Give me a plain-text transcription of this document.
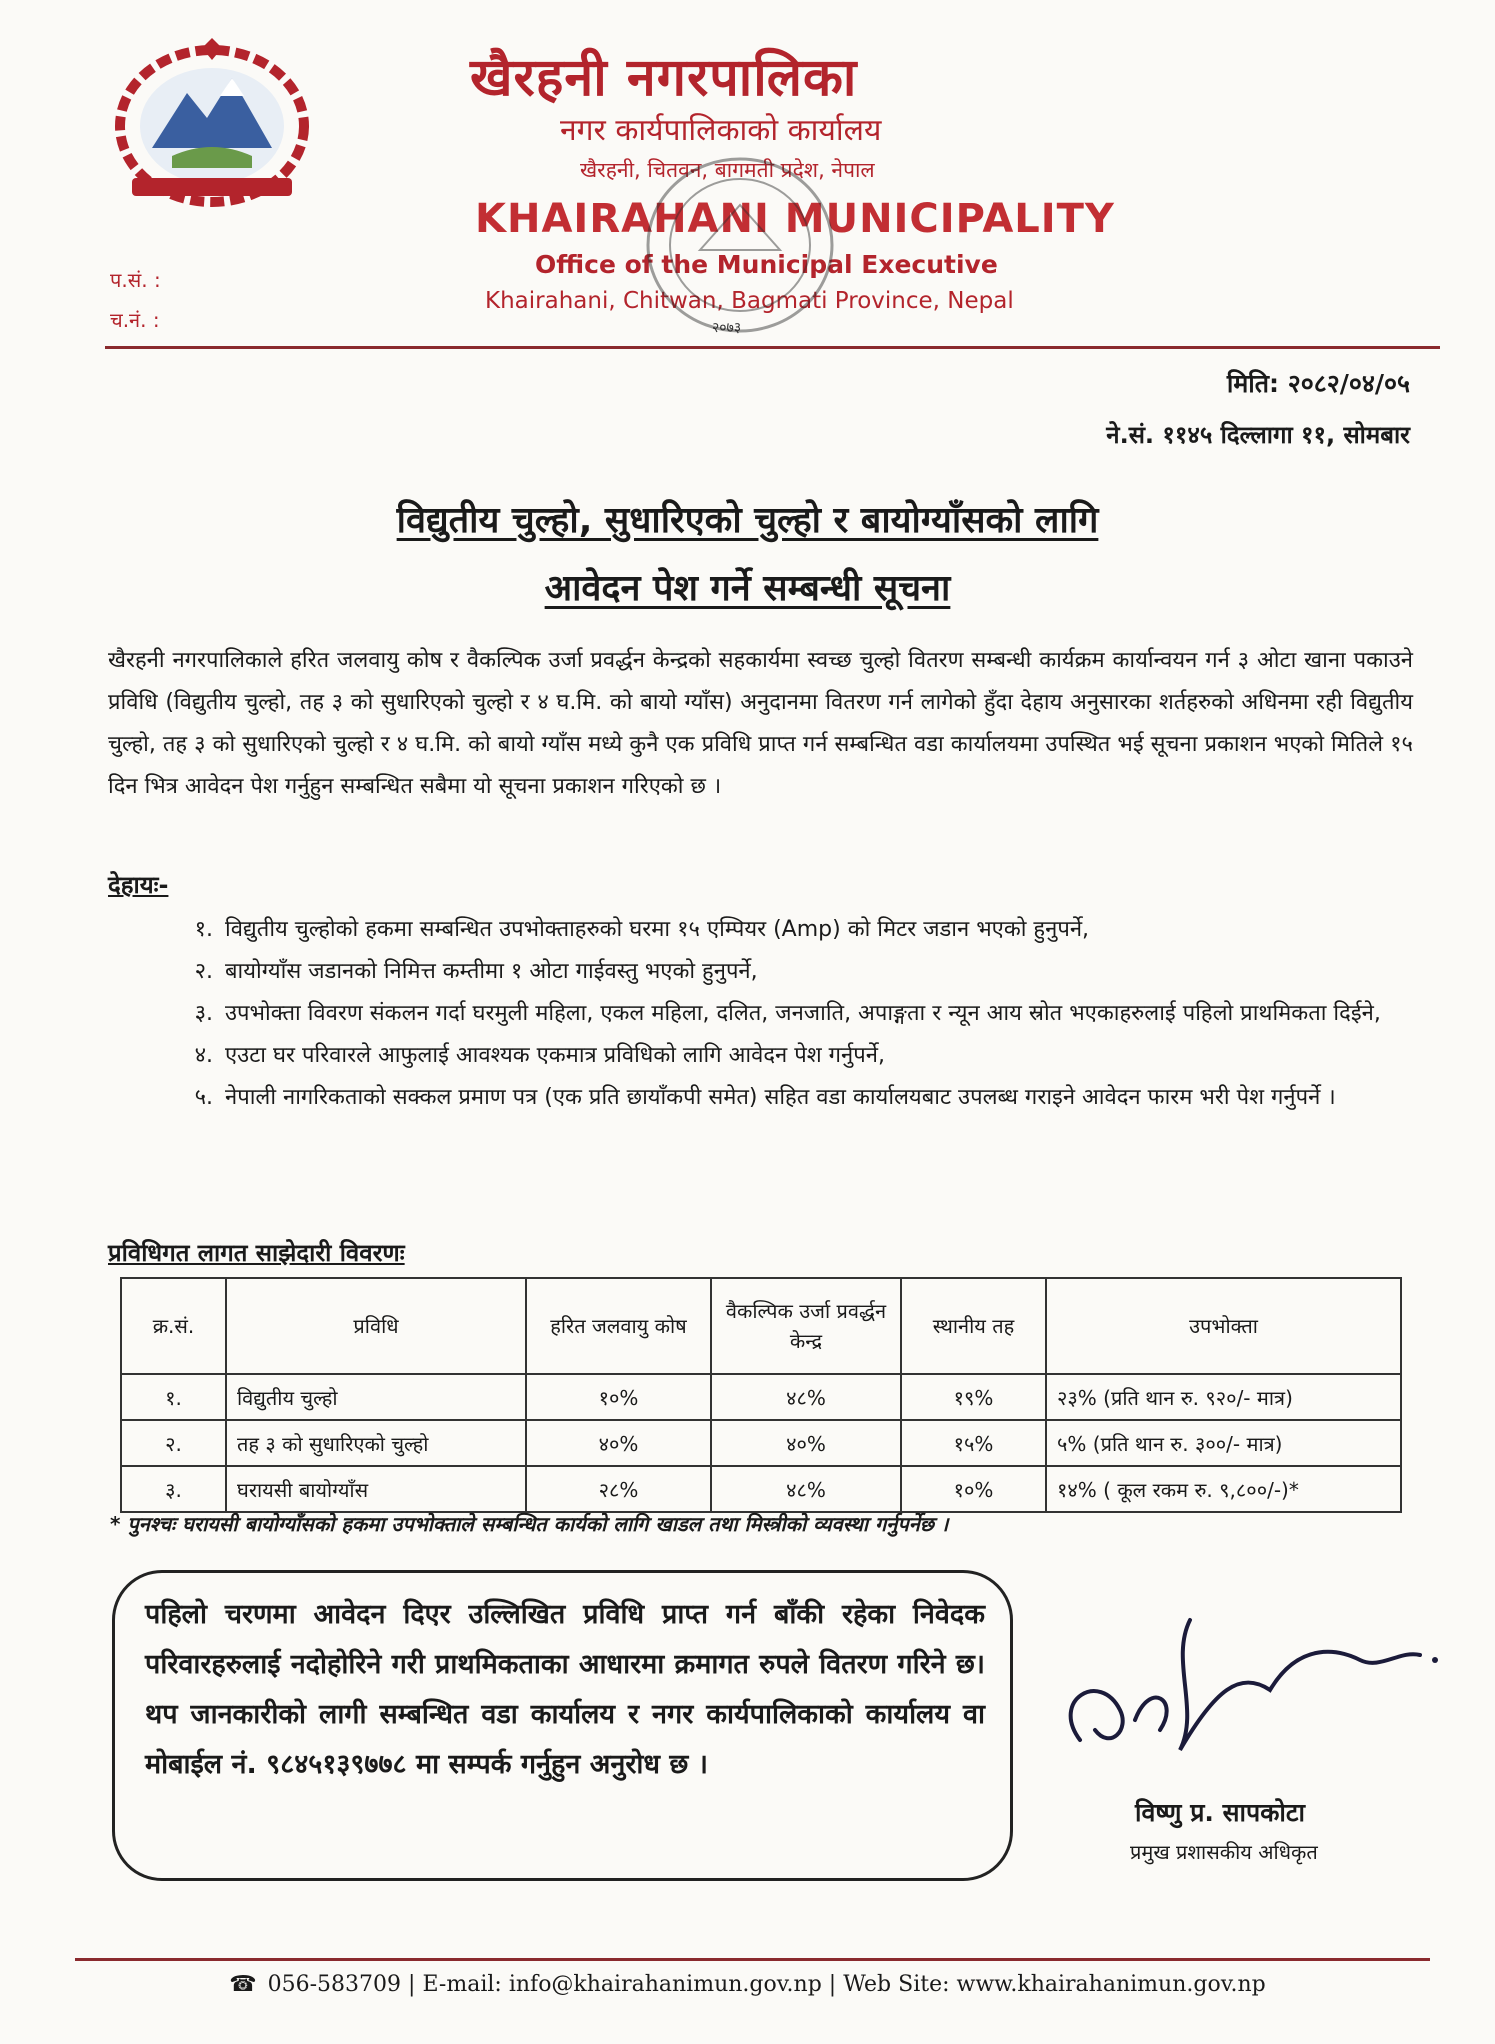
खैरहनी नगरपालिका
नगर कार्यपालिकाको कार्यालय
खैरहनी, चितवन, बागमती प्रदेश, नेपाल
KHAIRAHANI MUNICIPALITY
Office of the Municipal Executive
Khairahani, Chitwan, Bagmati Province, Nepal
२०७३
प.सं. :
च.नं. :
मिति: २०८२/०४/०५
ने.सं. ११४५ दिल्लागा ११, सोमबार
विद्युतीय चुल्हो, सुधारिएको चुल्हो र बायोग्याँसको लागि
आवेदन पेश गर्ने सम्बन्धी सूचना
खैरहनी नगरपालिकाले हरित जलवायु कोष र वैकल्पिक उर्जा प्रवर्द्धन केन्द्रको सहकार्यमा स्वच्छ चुल्हो वितरण सम्बन्धी कार्यक्रम कार्यान्वयन गर्न ३ ओटा खाना पकाउने प्रविधि (विद्युतीय चुल्हो, तह ३ को सुधारिएको चुल्हो र ४ घ.मि. को बायो ग्याँस) अनुदानमा वितरण गर्न लागेको हुँदा देहाय अनुसारका शर्तहरुको अधिनमा रही विद्युतीय चुल्हो, तह ३ को सुधारिएको चुल्हो र ४ घ.मि. को बायो ग्याँस मध्ये कुनै एक प्रविधि प्राप्त गर्न सम्बन्धित वडा कार्यालयमा उपस्थित भई सूचना प्रकाशन भएको मितिले १५ दिन भित्र आवेदन पेश गर्नुहुन सम्बन्धित सबैमा यो सूचना प्रकाशन गरिएको छ ।
देहायः-
१. विद्युतीय चुल्होको हकमा सम्बन्धित उपभोक्ताहरुको घरमा १५ एम्पियर (Amp) को मिटर जडान भएको हुनुपर्ने,
२. बायोग्याँस जडानको निमित्त कम्तीमा १ ओटा गाईवस्तु भएको हुनुपर्ने,
३. उपभोक्ता विवरण संकलन गर्दा घरमुली महिला, एकल महिला, दलित, जनजाति, अपाङ्गता र न्यून आय स्रोत भएकाहरुलाई पहिलो प्राथमिकता दिईने,
४. एउटा घर परिवारले आफुलाई आवश्यक एकमात्र प्रविधिको लागि आवेदन पेश गर्नुपर्ने,
५. नेपाली नागरिकताको सक्कल प्रमाण पत्र (एक प्रति छायाँकपी समेत) सहित वडा कार्यालयबाट उपलब्ध गराइने आवेदन फारम भरी पेश गर्नुपर्ने ।
प्रविधिगत लागत साझेदारी विवरणः
क्र.सं.	प्रविधि	हरित जलवायु कोष	वैकल्पिक उर्जा प्रवर्द्धन केन्द्र	स्थानीय तह	उपभोक्ता
१.	विद्युतीय चुल्हो	१०%	४८%	१९%	२३% (प्रति थान रु. ९२०/- मात्र)
२.	तह ३ को सुधारिएको चुल्हो	४०%	४०%	१५%	५% (प्रति थान रु. ३००/- मात्र)
३.	घरायसी बायोग्याँस	२८%	४८%	१०%	१४% ( कूल रकम रु. ९,८००/-)*
* पुनश्चः घरायसी बायोग्याँसको हकमा उपभोक्ताले सम्बन्धित कार्यको लागि खाडल तथा मिस्त्रीको व्यवस्था गर्नुपर्नेछ ।
पहिलो चरणमा आवेदन दिएर उल्लिखित प्रविधि प्राप्त गर्न बाँकी रहेका निवेदक परिवारहरुलाई नदोहोरिने गरी प्राथमिकताका आधारमा क्रमागत रुपले वितरण गरिने छ। थप जानकारीको लागी सम्बन्धित वडा कार्यालय र नगर कार्यपालिकाको कार्यालय वा मोबाईल नं. ९८४५१३९७७८ मा सम्पर्क गर्नुहुन अनुरोध छ ।
विष्णु प्र. सापकोटा
प्रमुख प्रशासकीय अधिकृत
☎ 056-583709 | E-mail: info@khairahanimun.gov.np | Web Site: www.khairahanimun.gov.np
